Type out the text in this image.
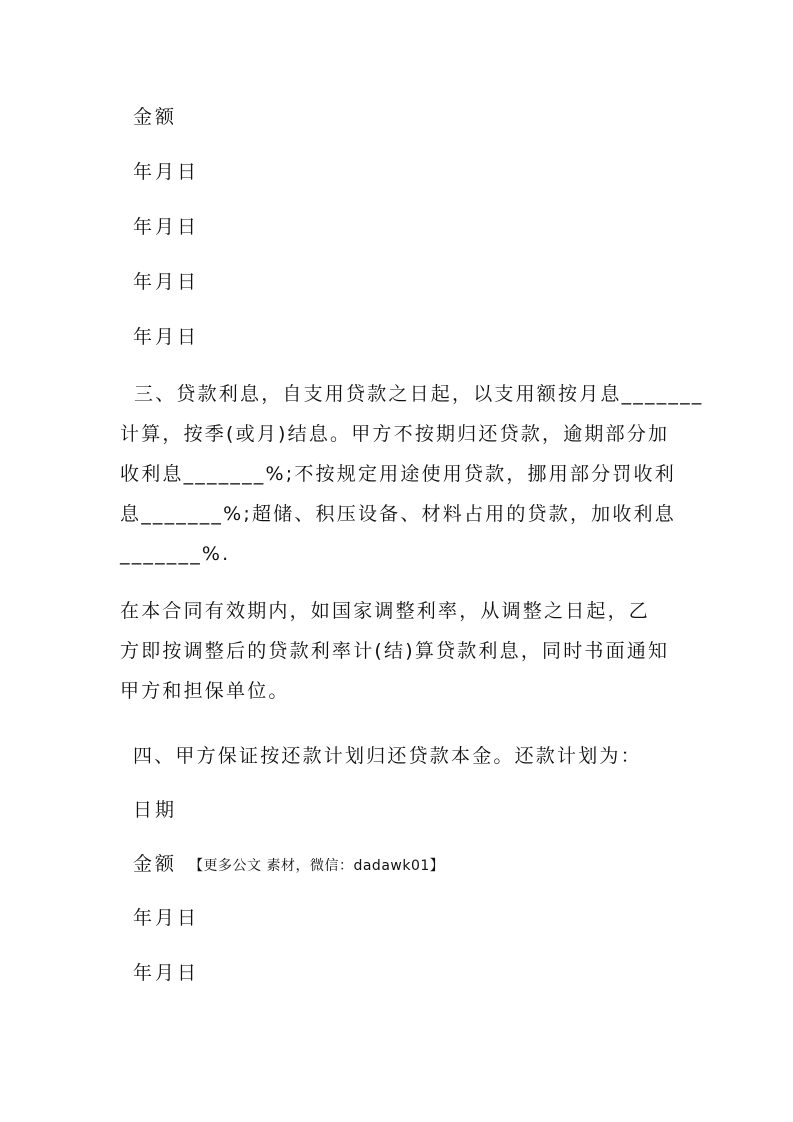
金额
年月日
年月日
年月日
年月日
三、贷款利息，自支用贷款之日起，以支用额按月息_______
计算，按季(或月)结息。甲方不按期归还贷款，逾期部分加
收利息_______%;不按规定用途使用贷款，挪用部分罚收利
息_______%;超储、积压设备、材料占用的贷款，加收利息
_______%.
在本合同有效期内，如国家调整利率，从调整之日起，乙
方即按调整后的贷款利率计(结)算贷款利息，同时书面通知
甲方和担保单位。
四、甲方保证按还款计划归还贷款本金。还款计划为：
日期
金额 【更多公文 素材，微信：dadawk01】
年月日
年月日
